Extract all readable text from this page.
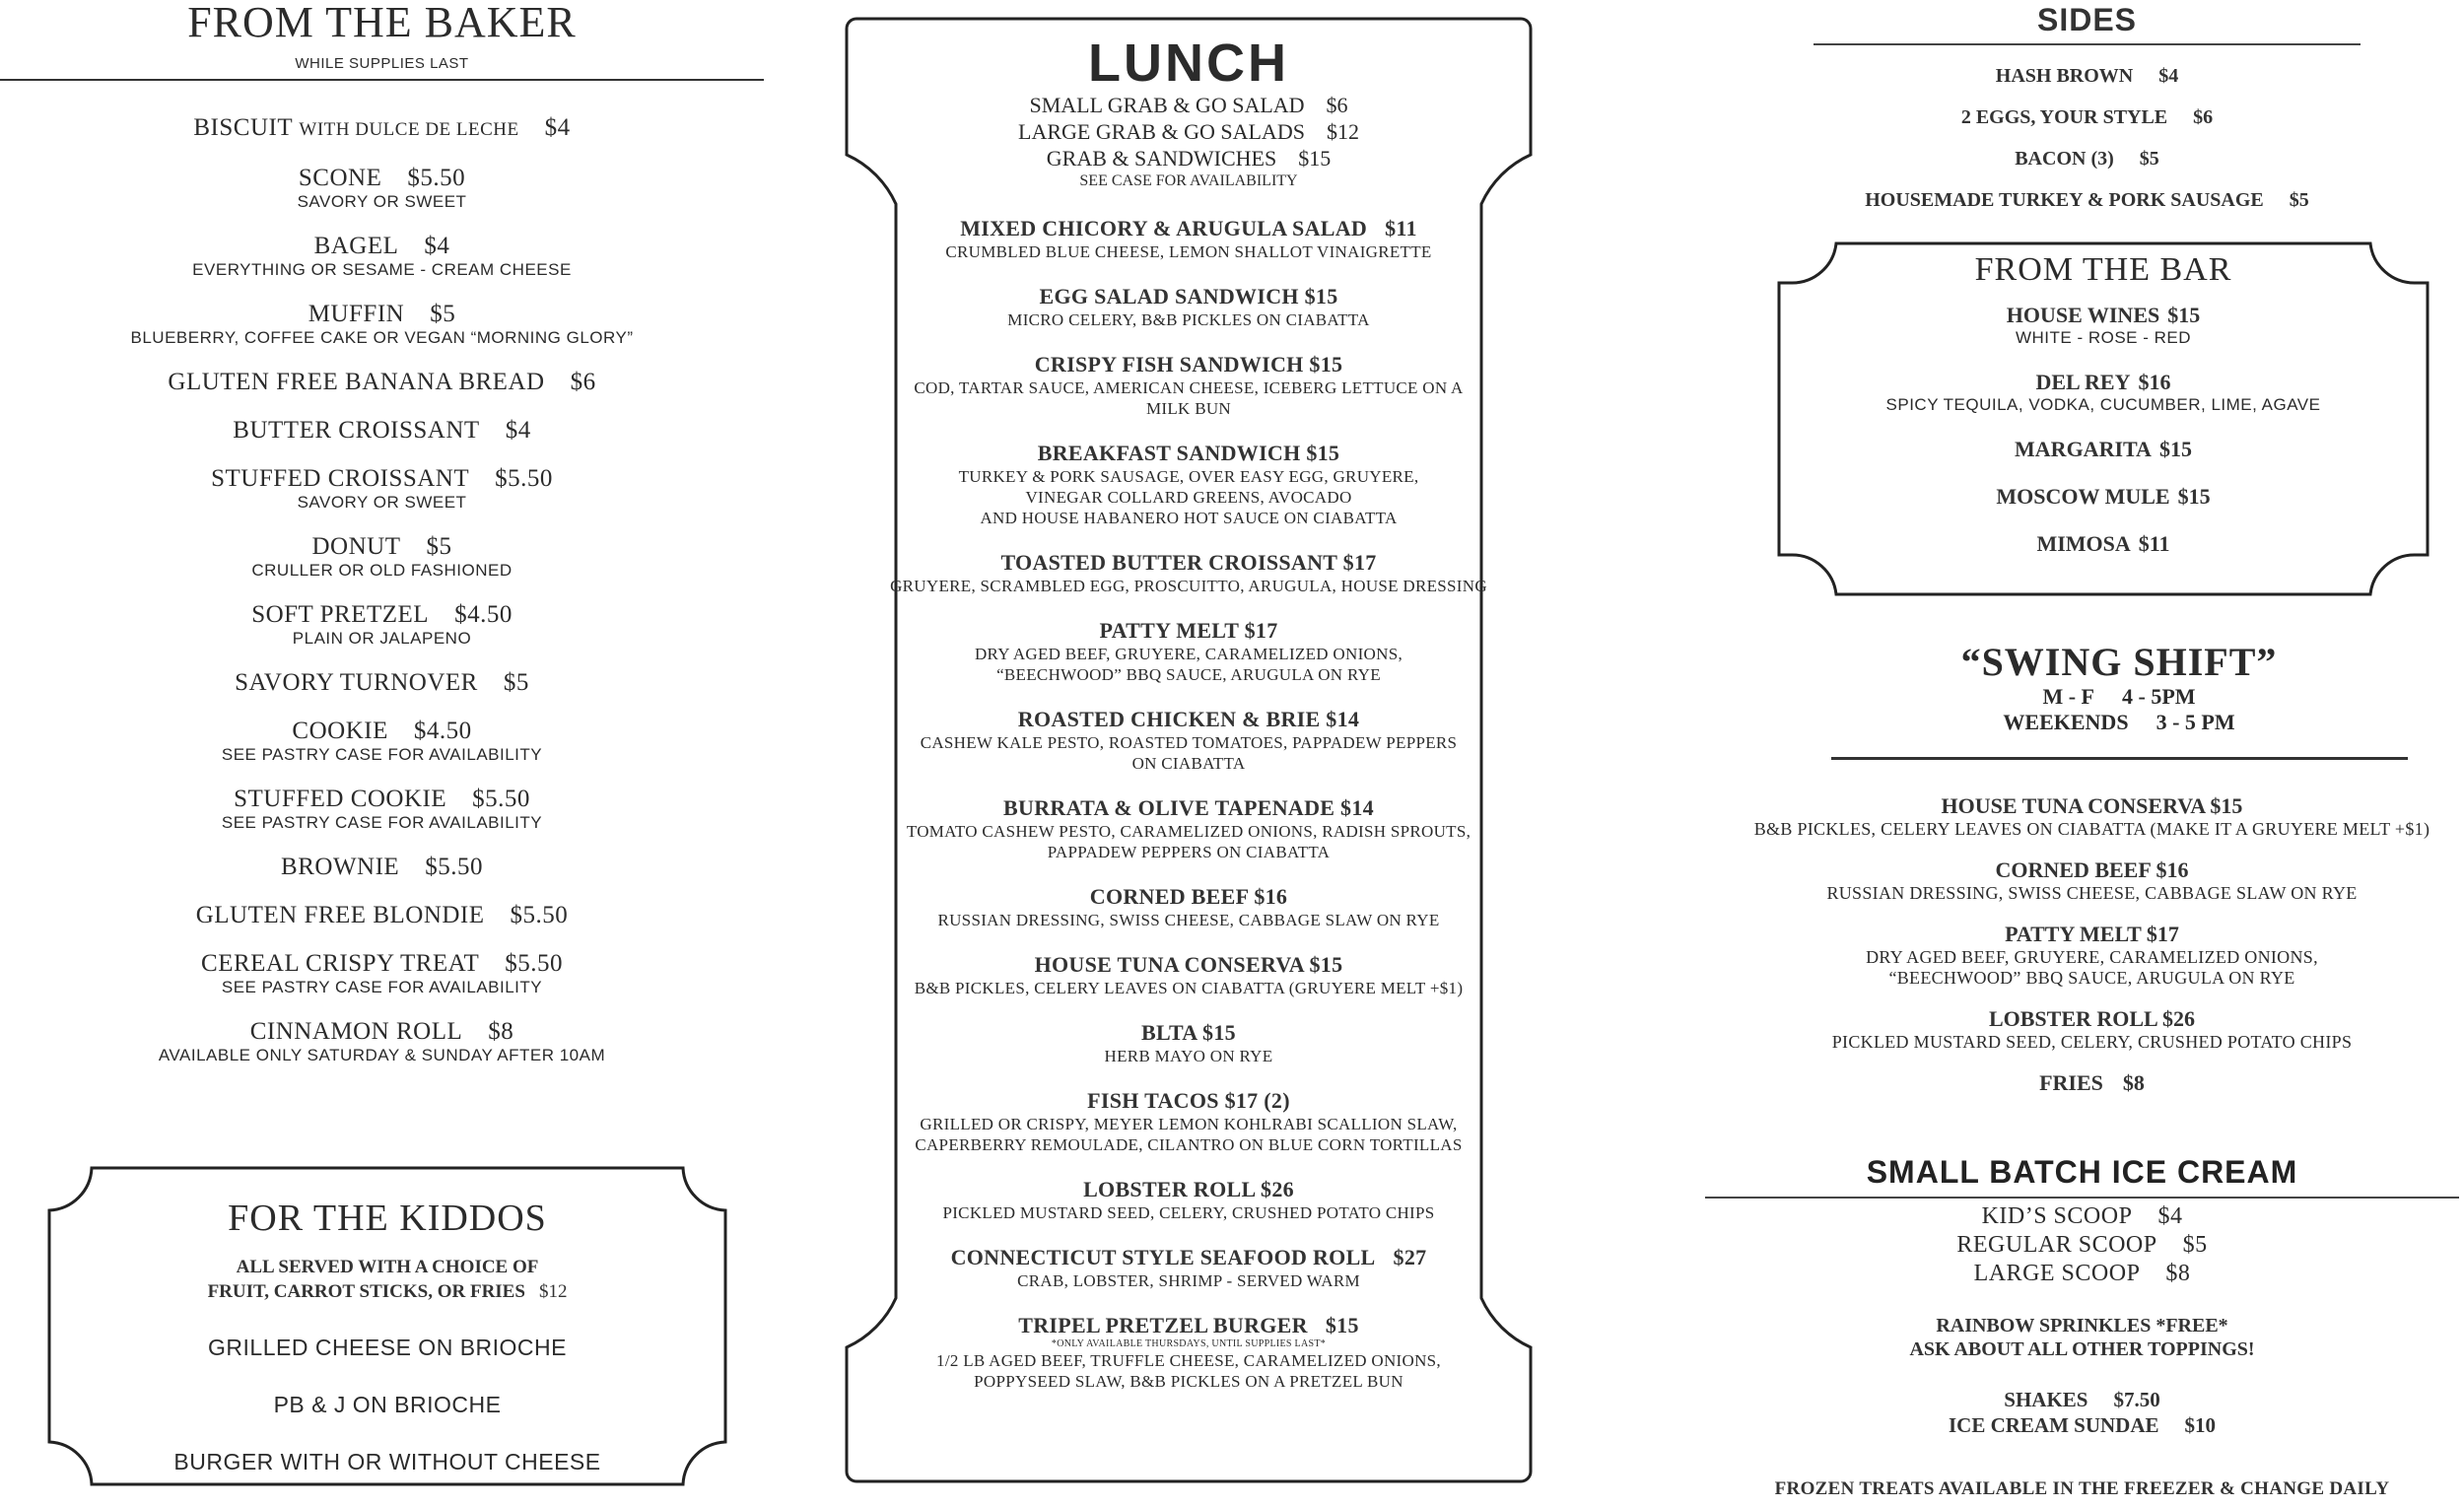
FROM THE BAKER
WHILE SUPPLIES LAST
BISCUIT WITH DULCE DE LECHE $4
SCONE $5.50
SAVORY OR SWEET
BAGEL $4
EVERYTHING OR SESAME - CREAM CHEESE
MUFFIN $5
BLUEBERRY, COFFEE CAKE OR VEGAN “MORNING GLORY”
GLUTEN FREE BANANA BREAD $6
BUTTER CROISSANT $4
STUFFED CROISSANT $5.50
SAVORY OR SWEET
DONUT $5
CRULLER OR OLD FASHIONED
SOFT PRETZEL $4.50
PLAIN OR JALAPENO
SAVORY TURNOVER $5
COOKIE $4.50
SEE PASTRY CASE FOR AVAILABILITY
STUFFED COOKIE $5.50
SEE PASTRY CASE FOR AVAILABILITY
BROWNIE $5.50
GLUTEN FREE BLONDIE $5.50
CEREAL CRISPY TREAT $5.50
SEE PASTRY CASE FOR AVAILABILITY
CINNAMON ROLL $8
AVAILABLE ONLY SATURDAY & SUNDAY AFTER 10AM
FOR THE KIDDOS
ALL SERVED WITH A CHOICE OF
FRUIT, CARROT STICKS, OR FRIES $12
GRILLED CHEESE ON BRIOCHE
PB & J ON BRIOCHE
BURGER WITH OR WITHOUT CHEESE
LUNCH
SMALL GRAB & GO SALAD $6
LARGE GRAB & GO SALADS $12
GRAB & SANDWICHES $15
SEE CASE FOR AVAILABILITY
MIXED CHICORY & ARUGULA SALAD $11
CRUMBLED BLUE CHEESE, LEMON SHALLOT VINAIGRETTE
EGG SALAD SANDWICH $15
MICRO CELERY, B&B PICKLES ON CIABATTA
CRISPY FISH SANDWICH $15
COD, TARTAR SAUCE, AMERICAN CHEESE, ICEBERG LETTUCE ON A
MILK BUN
BREAKFAST SANDWICH $15
TURKEY & PORK SAUSAGE, OVER EASY EGG, GRUYERE,
VINEGAR COLLARD GREENS, AVOCADO
AND HOUSE HABANERO HOT SAUCE ON CIABATTA
TOASTED BUTTER CROISSANT $17
GRUYERE, SCRAMBLED EGG, PROSCUITTO, ARUGULA, HOUSE DRESSING
PATTY MELT $17
DRY AGED BEEF, GRUYERE, CARAMELIZED ONIONS,
“BEECHWOOD” BBQ SAUCE, ARUGULA ON RYE
ROASTED CHICKEN & BRIE $14
CASHEW KALE PESTO, ROASTED TOMATOES, PAPPADEW PEPPERS
ON CIABATTA
BURRATA & OLIVE TAPENADE $14
TOMATO CASHEW PESTO, CARAMELIZED ONIONS, RADISH SPROUTS,
PAPPADEW PEPPERS ON CIABATTA
CORNED BEEF $16
RUSSIAN DRESSING, SWISS CHEESE, CABBAGE SLAW ON RYE
HOUSE TUNA CONSERVA $15
B&B PICKLES, CELERY LEAVES ON CIABATTA (GRUYERE MELT +$1)
BLTA $15
HERB MAYO ON RYE
FISH TACOS $17 (2)
GRILLED OR CRISPY, MEYER LEMON KOHLRABI SCALLION SLAW,
CAPERBERRY REMOULADE, CILANTRO ON BLUE CORN TORTILLAS
LOBSTER ROLL $26
PICKLED MUSTARD SEED, CELERY, CRUSHED POTATO CHIPS
CONNECTICUT STYLE SEAFOOD ROLL $27
CRAB, LOBSTER, SHRIMP - SERVED WARM
TRIPEL PRETZEL BURGER $15
*ONLY AVAILABLE THURSDAYS, UNTIL SUPPLIES LAST*
1/2 LB AGED BEEF, TRUFFLE CHEESE, CARAMELIZED ONIONS,
POPPYSEED SLAW, B&B PICKLES ON A PRETZEL BUN
SIDES
HASH BROWN $4
2 EGGS, YOUR STYLE $6
BACON (3) $5
HOUSEMADE TURKEY & PORK SAUSAGE $5
FROM THE BAR
HOUSE WINES $15
WHITE - ROSE - RED
DEL REY $16
SPICY TEQUILA, VODKA, CUCUMBER, LIME, AGAVE
MARGARITA $15
MOSCOW MULE $15
MIMOSA $11
“SWING SHIFT”
M - F 4 - 5PM
WEEKENDS 3 - 5 PM
HOUSE TUNA CONSERVA $15
B&B PICKLES, CELERY LEAVES ON CIABATTA (MAKE IT A GRUYERE MELT +$1)
CORNED BEEF $16
RUSSIAN DRESSING, SWISS CHEESE, CABBAGE SLAW ON RYE
PATTY MELT $17
DRY AGED BEEF, GRUYERE, CARAMELIZED ONIONS,
“BEECHWOOD” BBQ SAUCE, ARUGULA ON RYE
LOBSTER ROLL $26
PICKLED MUSTARD SEED, CELERY, CRUSHED POTATO CHIPS
FRIES $8
SMALL BATCH ICE CREAM
KID’S SCOOP $4
REGULAR SCOOP $5
LARGE SCOOP $8
RAINBOW SPRINKLES *FREE*
ASK ABOUT ALL OTHER TOPPINGS!
SHAKES $7.50
ICE CREAM SUNDAE $10
FROZEN TREATS AVAILABLE IN THE FREEZER & CHANGE DAILY
